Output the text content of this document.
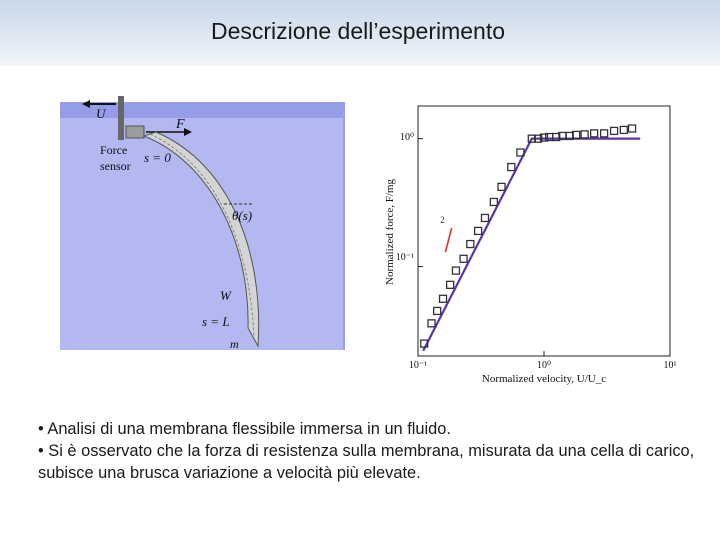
Descrizione dell’esperimento
U
F
Force
sensor
s = 0
θ(s)
W
s = L
m
2
10⁻¹	10⁰	10¹
10⁰
10⁻¹
Normalized velocity, U/U_c
Normalized force, F/mg

• Analisi di una membrana flessibile immersa in un fluido.

• Si è osservato che la forza di resistenza sulla membrana, misurata da una cella di carico, subisce una brusca variazione a velocità più elevate.
